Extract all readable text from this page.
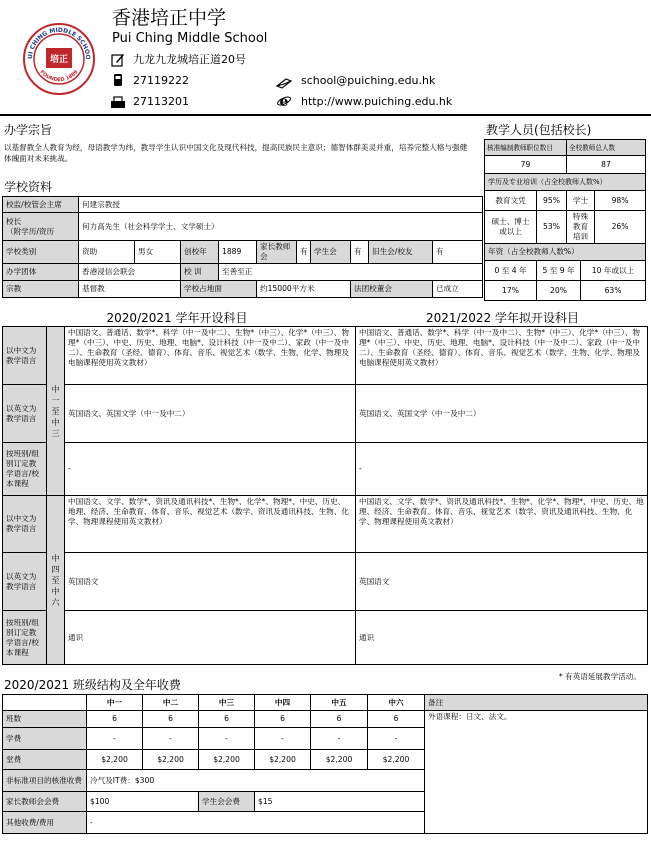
UI CHING MIDDLE SCHOO
FOUNDED 1889
培正
香港培正中学
Pui Ching Middle School
九龙九龙城培正道20号
27119222
27113201
school@puiching.edu.hk
e http://www.puiching.edu.hk
办学宗旨
以基督教全人教育为经，母语教学为纬，教导学生认识中国文化及现代科技，提高民族民主意识；德智体群美灵并重，培养完整人格与强健体魄面对未来挑战。
学校资料
校监/校管会主席	何建宗教授									
校长
（附学历/资历	何力高先生（社会科学学士、文学硕士）									
学校类别	资助	男女	创校年	1889	家长教师会	有	学生会	有	旧生会/校友	有
办学团体	香港浸信会联会		校 训	至善至正						
宗教	基督教		学校占地面		约15000平方米			法团校董会		已成立
教学人员(包括校长)
核准编制教师职位数目		全校教师总人数		
79		87		
学历及专业培训（占全校教师人数%）				
教育文凭	95%	学士		98%
硕士、博士或以上	53%	特殊教育培训		26%
年资（占全校教师人数%）				
0 至 4 年	5 至 9 年		10 年或以上	
17%	20%		63%	
2020/2021 学年开设科目	2021/2022 学年拟开设科目
以中文为教学语言	中一至中三	中国语文、普通话、数学*、科学（中一及中二）、生物*（中三）、化学*（中三）、物理*（中三）、中史、历史、地理、电脑*、设计科技（中一及中二）、家政（中一及中二）、生命教育（圣经、德育）、体育、音乐、视觉艺术（数学、生物、化学、物理及电脑课程使用英文教材）	中国语文、普通话、数学*、科学（中一及中二）、生物*（中三）、化学*（中三）、物理*（中三）、中史、历史、地理、电脑*、设计科技（中一及中二）、家政（中一及中二）、生命教育（圣经、德育）、体育、音乐、视觉艺术（数学、生物、化学、物理及电脑课程使用英文教材）
以英文为教学语言		英国语文、英国文学（中一及中二）	英国语文、英国文学（中一及中二）
按班别/组别订定教学语言/校本课程		-	-
以中文为教学语言	中四至中六	中国语文、文学、数学*、资讯及通讯科技*、生物*、化学*、物理*、中史、历史、地理、经济、生命教育、体育、音乐、视觉艺术（数学、资讯及通讯科技、生物、化学、物理课程使用英文教材）	中国语文、文学、数学*、资讯及通讯科技*、生物*、化学*、物理*、中史、历史、地理、经济、生命教育、体育、音乐、视觉艺术（数学、资讯及通讯科技、生物、化学、物理课程使用英文教材）
以英文为教学语言		英国语文	英国语文
按班别/组别订定教学语言/校本课程		通识	通识
2020/2021 班级结构及全年收费
* 有英语延展教学活动。
	中一	中二	中三	中四	中五	中六	备注
班数	6	6	6	6	6	6	外语课程：日文、法文。
学费	-	-	-	-	-	-	
堂费	$2,200	$2,200	$2,200	$2,200	$2,200	$2,200	
非标准项目的核准收费	冷气及IT费：$300						
家长教师会会费	$100		学生会会费	$15			
其他收费/费用	-						
